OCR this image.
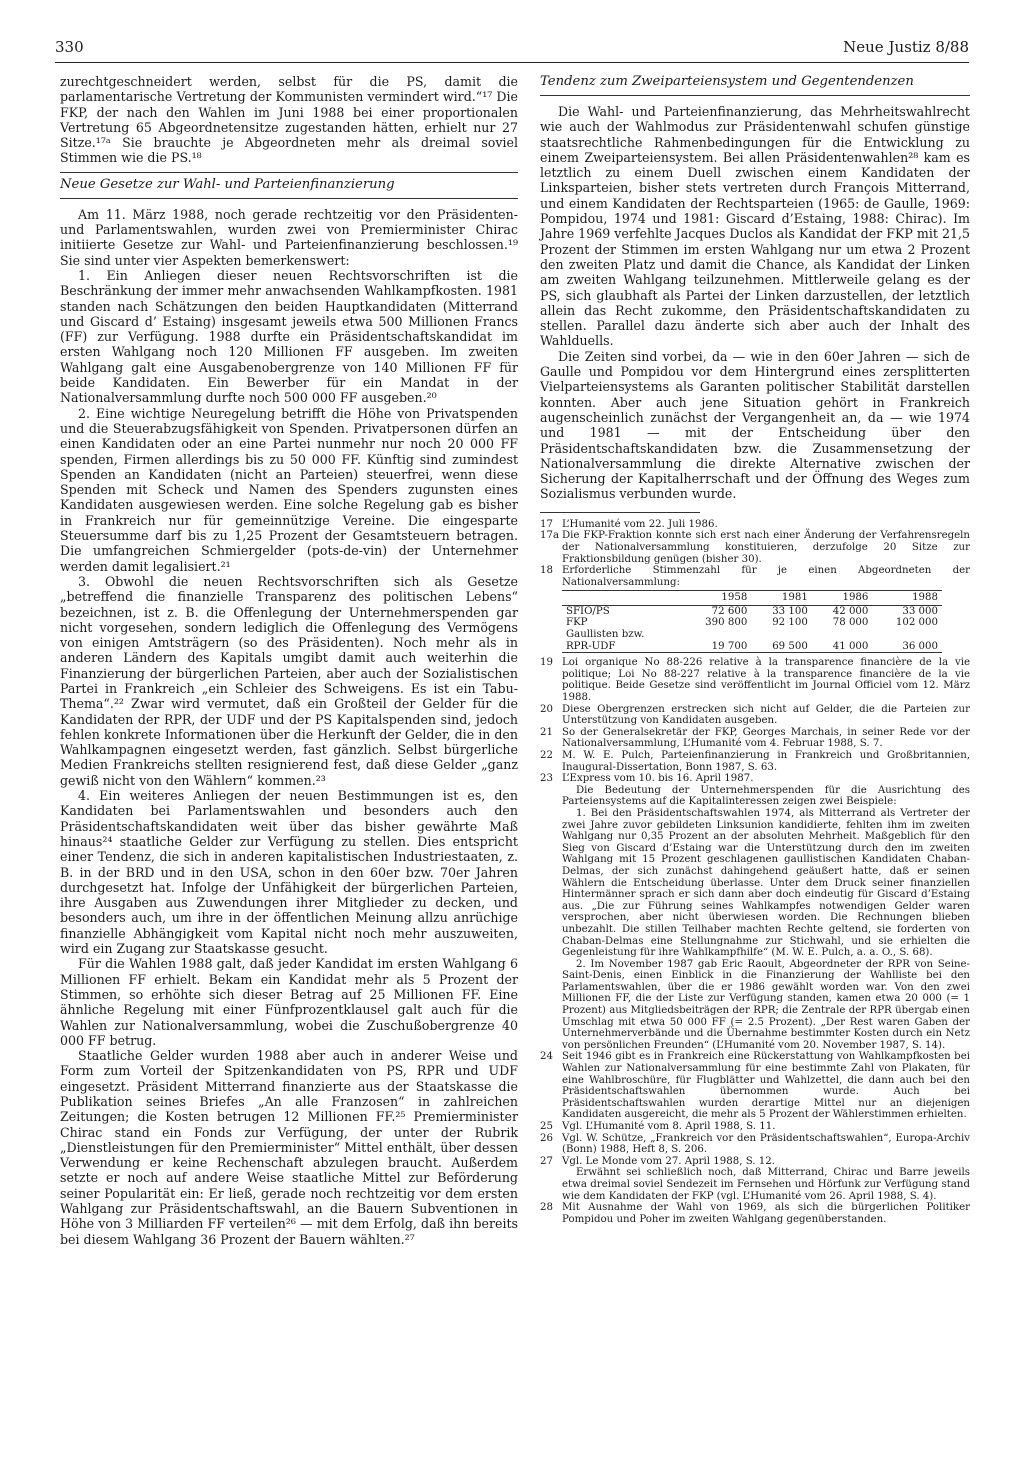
330	Neue Justiz 8/88

zurechtgeschneidert werden, selbst für die PS, damit die parlamentarische Vertretung der Kommunisten vermindert wird.“¹⁷ Die FKP, der nach den Wahlen im Juni 1988 bei einer proportionalen Vertretung 65 Abgeordnetensitze zugestanden hätten, erhielt nur 27 Sitze.¹⁷ᵃ Sie brauchte je Abgeordneten mehr als dreimal soviel Stimmen wie die PS.¹⁸

Neue Gesetze zur Wahl- und Parteienfinanzierung

Am 11. März 1988, noch gerade rechtzeitig vor den Präsidenten- und Parlamentswahlen, wurden zwei von Premierminister Chirac initiierte Gesetze zur Wahl- und Parteienfinanzierung beschlossen.¹⁹ Sie sind unter vier Aspekten bemerkenswert:

1. Ein Anliegen dieser neuen Rechtsvorschriften ist die Beschränkung der immer mehr anwachsenden Wahlkampfkosten. 1981 standen nach Schätzungen den beiden Hauptkandidaten (Mitterrand und Giscard d’ Estaing) insgesamt jeweils etwa 500 Millionen Francs (FF) zur Verfügung. 1988 durfte ein Präsidentschaftskandidat im ersten Wahlgang noch 120 Millionen FF ausgeben. Im zweiten Wahlgang galt eine Ausgabenobergrenze von 140 Millionen FF für beide Kandidaten. Ein Bewerber für ein Mandat in der Nationalversammlung durfte noch 500 000 FF ausgeben.²⁰

2. Eine wichtige Neuregelung betrifft die Höhe von Privatspenden und die Steuerabzugsfähigkeit von Spenden. Privatpersonen dürfen an einen Kandidaten oder an eine Partei nunmehr nur noch 20 000 FF spenden, Firmen allerdings bis zu 50 000 FF. Künftig sind zumindest Spenden an Kandidaten (nicht an Parteien) steuerfrei, wenn diese Spenden mit Scheck und Namen des Spenders zugunsten eines Kandidaten ausgewiesen werden. Eine solche Regelung gab es bisher in Frankreich nur für gemeinnützige Vereine. Die eingesparte Steuersumme darf bis zu 1,25 Prozent der Gesamtsteuern betragen. Die umfangreichen Schmiergelder (pots-de-vin) der Unternehmer werden damit legalisiert.²¹

3. Obwohl die neuen Rechtsvorschriften sich als Gesetze „betreffend die finanzielle Transparenz des politischen Lebens“ bezeichnen, ist z. B. die Offenlegung der Unternehmerspenden gar nicht vorgesehen, sondern lediglich die Offenlegung des Vermögens von einigen Amtsträgern (so des Präsidenten). Noch mehr als in anderen Ländern des Kapitals umgibt damit auch weiterhin die Finanzierung der bürgerlichen Parteien, aber auch der Sozialistischen Partei in Frankreich „ein Schleier des Schweigens. Es ist ein Tabu-Thema“.²² Zwar wird vermutet, daß ein Großteil der Gelder für die Kandidaten der RPR, der UDF und der PS Kapitalspenden sind, jedoch fehlen konkrete Informationen über die Herkunft der Gelder, die in den Wahlkampagnen eingesetzt werden, fast gänzlich. Selbst bürgerliche Medien Frankreichs stellten resignierend fest, daß diese Gelder „ganz gewiß nicht von den Wählern“ kommen.²³

4. Ein weiteres Anliegen der neuen Bestimmungen ist es, den Kandidaten bei Parlamentswahlen und besonders auch den Präsidentschaftskandidaten weit über das bisher gewährte Maß hinaus²⁴ staatliche Gelder zur Verfügung zu stellen. Dies entspricht einer Tendenz, die sich in anderen kapitalistischen Industriestaaten, z. B. in der BRD und in den USA, schon in den 60er bzw. 70er Jahren durchgesetzt hat. Infolge der Unfähigkeit der bürgerlichen Parteien, ihre Ausgaben aus Zuwendungen ihrer Mitglieder zu decken, und besonders auch, um ihre in der öffentlichen Meinung allzu anrüchige finanzielle Abhängigkeit vom Kapital nicht noch mehr auszuweiten, wird ein Zugang zur Staatskasse gesucht.

Für die Wahlen 1988 galt, daß jeder Kandidat im ersten Wahlgang 6 Millionen FF erhielt. Bekam ein Kandidat mehr als 5 Prozent der Stimmen, so erhöhte sich dieser Betrag auf 25 Millionen FF. Eine ähnliche Regelung mit einer Fünfprozentklausel galt auch für die Wahlen zur Nationalversammlung, wobei die Zuschußobergrenze 40 000 FF betrug.

Staatliche Gelder wurden 1988 aber auch in anderer Weise und Form zum Vorteil der Spitzenkandidaten von PS, RPR und UDF eingesetzt. Präsident Mitterrand finanzierte aus der Staatskasse die Publikation seines Briefes „An alle Franzosen“ in zahlreichen Zeitungen; die Kosten betrugen 12 Millionen FF.²⁵ Premierminister Chirac stand ein Fonds zur Verfügung, der unter der Rubrik „Dienstleistungen für den Premierminister“ Mittel enthält, über dessen Verwendung er keine Rechenschaft abzulegen braucht. Außerdem setzte er noch auf andere Weise staatliche Mittel zur Beförderung seiner Popularität ein: Er ließ, gerade noch rechtzeitig vor dem ersten Wahlgang zur Präsidentschaftswahl, an die Bauern Subventionen in Höhe von 3 Milliarden FF verteilen²⁶ — mit dem Erfolg, daß ihn bereits bei diesem Wahlgang 36 Prozent der Bauern wählten.²⁷

Tendenz zum Zweiparteiensystem und Gegentendenzen

Die Wahl- und Parteienfinanzierung, das Mehrheitswahlrecht wie auch der Wahlmodus zur Präsidentenwahl schufen günstige staatsrechtliche Rahmenbedingungen für die Entwicklung zu einem Zweiparteiensystem. Bei allen Präsidentenwahlen²⁸ kam es letztlich zu einem Duell zwischen einem Kandidaten der Linksparteien, bisher stets vertreten durch François Mitterrand, und einem Kandidaten der Rechtsparteien (1965: de Gaulle, 1969: Pompidou, 1974 und 1981: Giscard d’Estaing, 1988: Chirac). Im Jahre 1969 verfehlte Jacques Duclos als Kandidat der FKP mit 21,5 Prozent der Stimmen im ersten Wahlgang nur um etwa 2 Prozent den zweiten Platz und damit die Chance, als Kandidat der Linken am zweiten Wahlgang teilzunehmen. Mittlerweile gelang es der PS, sich glaubhaft als Partei der Linken darzustellen, der letztlich allein das Recht zukomme, den Präsidentschaftskandidaten zu stellen. Parallel dazu änderte sich aber auch der Inhalt des Wahlduells.

Die Zeiten sind vorbei, da — wie in den 60er Jahren — sich de Gaulle und Pompidou vor dem Hintergrund eines zersplitterten Vielparteiensystems als Garanten politischer Stabilität darstellen konnten. Aber auch jene Situation gehört in Frankreich augenscheinlich zunächst der Vergangenheit an, da — wie 1974 und 1981 — mit der Entscheidung über den Präsidentschaftskandidaten bzw. die Zusammensetzung der Nationalversammlung die direkte Alternative zwischen der Sicherung der Kapitalherrschaft und der Öffnung des Weges zum Sozialismus verbunden wurde.

17 L’Humanité vom 22. Juli 1986.
17a Die FKP-Fraktion konnte sich erst nach einer Änderung der Verfahrensregeln der Nationalversammlung konstituieren, derzufolge 20 Sitze zur Fraktionsbildung genügen (bisher 30).
18 Erforderliche Stimmenzahl für je einen Abgeordneten der Nationalversammlung:
	1958	1981	1986	1988
SFIO/PS	72 600	33 100	42 000	33 000
FKP	390 800	92 100	78 000	102 000
Gaullisten bzw.				
RPR-UDF	19 700	69 500	41 000	36 000
19 Loi organique No 88-226 relative à la transparence financière de la vie politique; Loi No 88-227 relative à la transparence financière de la vie politique. Beide Gesetze sind veröffentlicht im Journal Officiel vom 12. März 1988.
20 Diese Obergrenzen erstrecken sich nicht auf Gelder, die die Parteien zur Unterstützung von Kandidaten ausgeben.
21 So der Generalsekretär der FKP, Georges Marchais, in seiner Rede vor der Nationalversammlung, L’Humanité vom 4. Februar 1988, S. 7.
22 M. W. E. Pulch, Parteienfinanzierung in Frankreich und Großbritannien, Inaugural-Dissertation, Bonn 1987, S. 63.
23 L’Express vom 10. bis 16. April 1987.
Die Bedeutung der Unternehmerspenden für die Ausrichtung des Parteiensystems auf die Kapitalinteressen zeigen zwei Beispiele:
1. Bei den Präsidentschaftswahlen 1974, als Mitterrand als Vertreter der zwei Jahre zuvor gebildeten Linksunion kandidierte, fehlten ihm im zweiten Wahlgang nur 0,35 Prozent an der absoluten Mehrheit. Maßgeblich für den Sieg von Giscard d’Estaing war die Unterstützung durch den im zweiten Wahlgang mit 15 Prozent geschlagenen gaullistischen Kandidaten Chaban-Delmas, der sich zunächst dahingehend geäußert hatte, daß er seinen Wählern die Entscheidung überlasse. Unter dem Druck seiner finanziellen Hintermänner sprach er sich dann aber doch eindeutig für Giscard d’Estaing aus. „Die zur Führung seines Wahlkampfes notwendigen Gelder waren versprochen, aber nicht überwiesen worden. Die Rechnungen blieben unbezahlt. Die stillen Teilhaber machten Rechte geltend, sie forderten von Chaban-Delmas eine Stellungnahme zur Stichwahl, und sie erhielten die Gegenleistung für ihre Wahlkampfhilfe“ (M. W. E. Pulch, a. a. O., S. 68).
2. Im November 1987 gab Eric Raoult, Abgeordneter der RPR von Seine-Saint-Denis, einen Einblick in die Finanzierung der Wahlliste bei den Parlamentswahlen, über die er 1986 gewählt worden war. Von den zwei Millionen FF, die der Liste zur Verfügung standen, kamen etwa 20 000 (= 1 Prozent) aus Mitgliedsbeiträgen der RPR; die Zentrale der RPR übergab einen Umschlag mit etwa 50 000 FF (= 2.5 Prozent). „Der Rest waren Gaben der Unternehmerverbände und die Übernahme bestimmter Kosten durch ein Netz von persönlichen Freunden“ (L’Humanité vom 20. November 1987, S. 14).
24 Seit 1946 gibt es in Frankreich eine Rückerstattung von Wahlkampfkosten bei Wahlen zur Nationalversammlung für eine bestimmte Zahl von Plakaten, für eine Wahlbroschüre, für Flugblätter und Wahlzettel, die dann auch bei den Präsidentschaftswahlen übernommen wurde. Auch bei Präsidentschaftswahlen wurden derartige Mittel nur an diejenigen Kandidaten ausgereicht, die mehr als 5 Prozent der Wählerstimmen erhielten.
25 Vgl. L’Humanité vom 8. April 1988, S. 11.
26 Vgl. W. Schütze, „Frankreich vor den Präsidentschaftswahlen“, Europa-Archiv (Bonn) 1988, Heft 8, S. 206.
27 Vgl. Le Monde vom 27. April 1988, S. 12.
Erwähnt sei schließlich noch, daß Mitterrand, Chirac und Barre jeweils etwa dreimal soviel Sendezeit im Fernsehen und Hörfunk zur Verfügung stand wie dem Kandidaten der FKP (vgl. L’Humanité vom 26. April 1988, S. 4).
28 Mit Ausnahme der Wahl von 1969, als sich die bürgerlichen Politiker Pompidou und Poher im zweiten Wahlgang gegenüberstanden.
